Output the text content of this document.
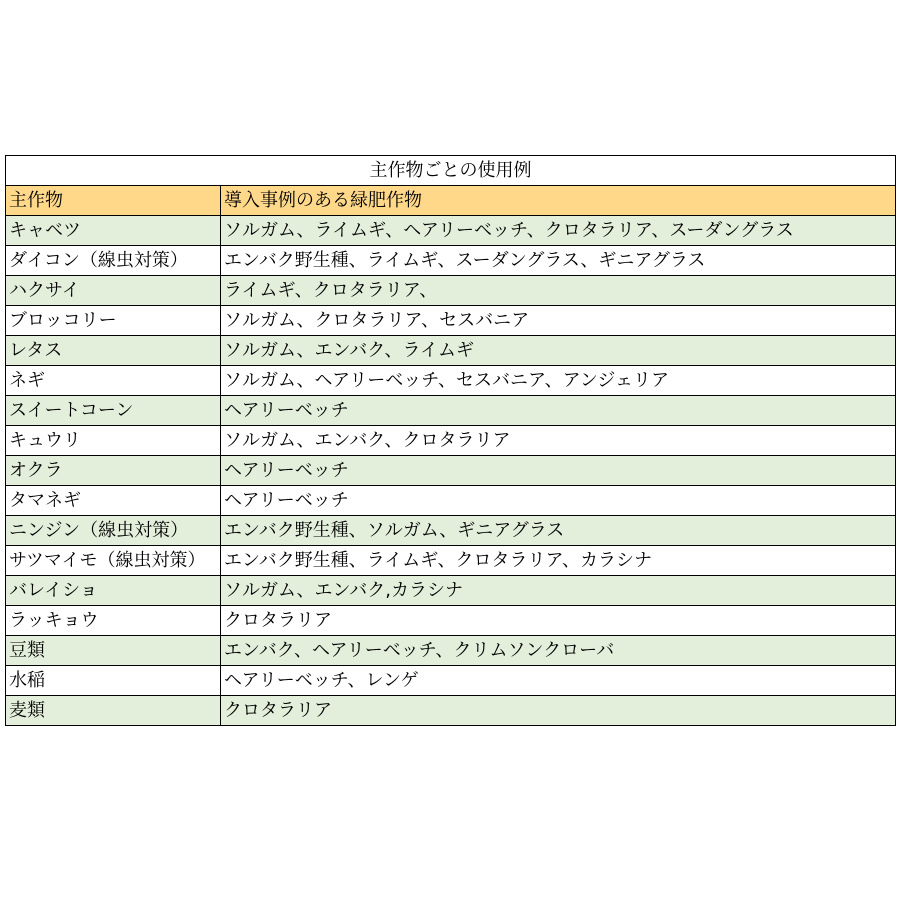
主作物ごとの使用例	
主作物	導入事例のある緑肥作物
キャベツ	ソルガム、ライムギ、ヘアリーベッチ、クロタラリア、スーダングラス
ダイコン（線虫対策）	エンバク野生種、ライムギ、スーダングラス、ギニアグラス
ハクサイ	ライムギ、クロタラリア、
ブロッコリー	ソルガム、クロタラリア、セスバニア
レタス	ソルガム、エンバク、ライムギ
ネギ	ソルガム、ヘアリーベッチ、セスバニア、アンジェリア
スイートコーン	ヘアリーベッチ
キュウリ	ソルガム、エンバク、クロタラリア
オクラ	ヘアリーベッチ
タマネギ	ヘアリーベッチ
ニンジン（線虫対策）	エンバク野生種、ソルガム、ギニアグラス
サツマイモ（線虫対策）	エンバク野生種、ライムギ、クロタラリア、カラシナ
バレイショ	ソルガム、エンバク,カラシナ
ラッキョウ	クロタラリア
豆類	エンバク、ヘアリーベッチ、クリムソンクローバ
水稲	ヘアリーベッチ、レンゲ
麦類	クロタラリア
